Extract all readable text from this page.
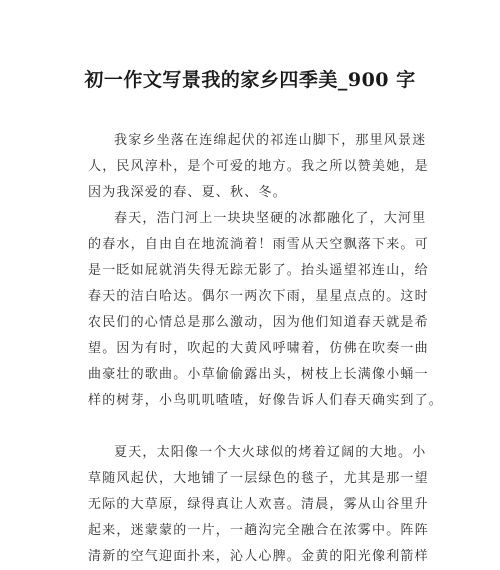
初一作文写景我的家乡四季美_900 字
我家乡坐落在连绵起伏的祁连山脚下，那里风景迷
人，民风淳朴，是个可爱的地方。我之所以赞美她，是
因为我深爱的春、夏、秋、冬。
春天，浩门河上一块块坚硬的冰都融化了，大河里
的春水，自由自在地流淌着！雨雪从天空飘落下来。可
是一眨如屁就消失得无踪无影了。抬头遥望祁连山，给
春天的洁白哈达。偶尔一两次下雨，星星点点的。这时
农民们的心情总是那么激动，因为他们知道春天就是希
望。因为有时，吹起的大黄风呼啸着，仿佛在吹奏一曲
曲豪壮的歌曲。小草偷偷露出头，树枝上长满像小蛹一
样的树芽，小鸟叽叽喳喳，好像告诉人们春天确实到了。
夏天，太阳像一个大火球似的烤着辽阔的大地。小
草随风起伏，大地铺了一层绿色的毯子，尤其是那一望
无际的大草原，绿得真让人欢喜。清晨，雾从山谷里升
起来，迷蒙蒙的一片，一趟沟完全融合在浓雾中。阵阵
清新的空气迎面扑来，沁人心脾。金黄的阳光像利箭样
